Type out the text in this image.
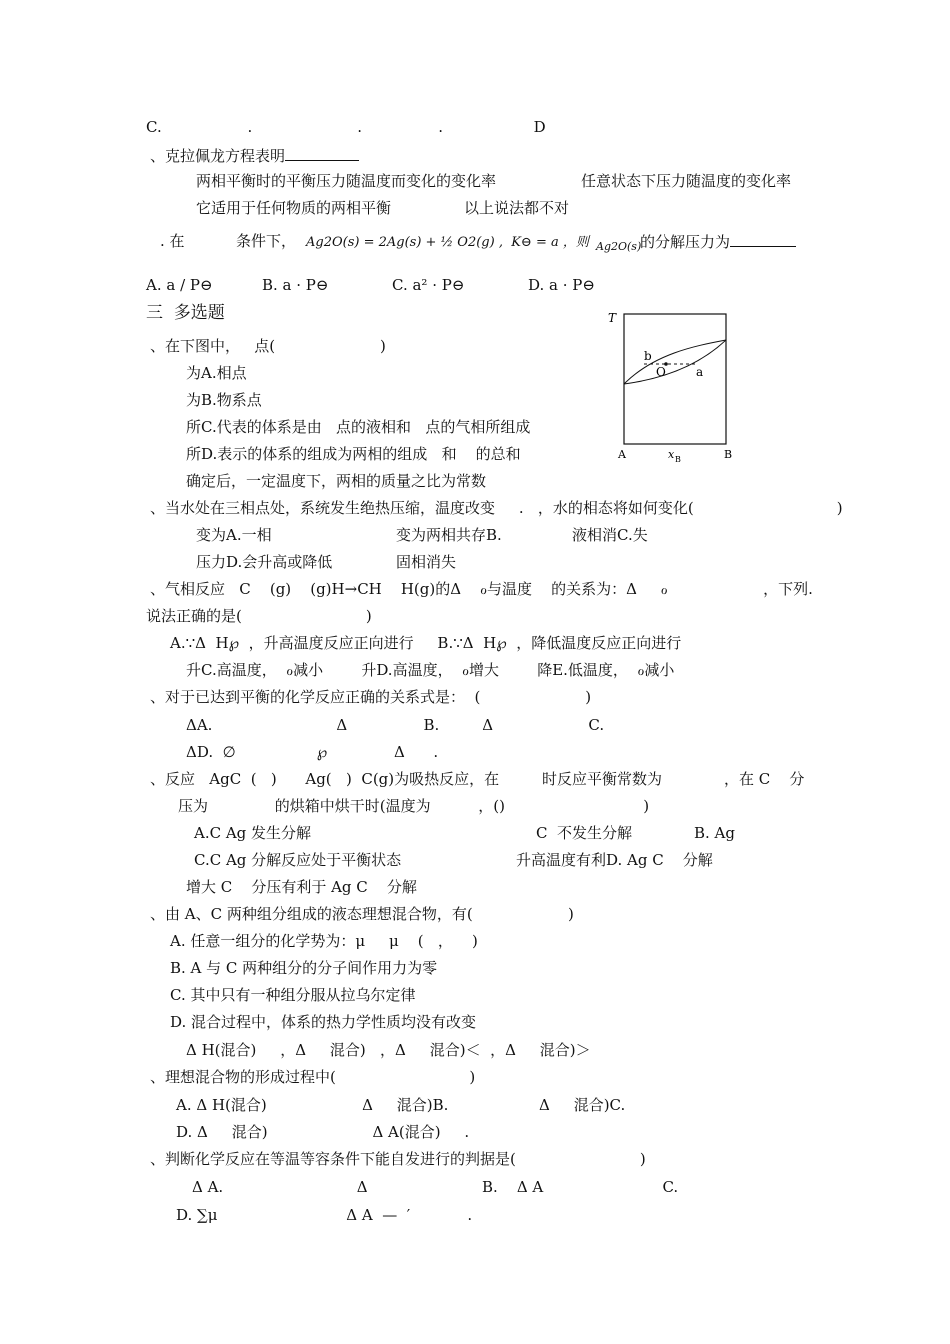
C.                  .                      .                .                   D
、克拉佩龙方程表明
两相平衡时的平衡压力随温度而变化的变化率	任意状态下压力随温度的变化率
它适用于任何物质的两相平衡	以上说法都不对
. 在	条件下， Ag2O(s) = 2Ag(s) + ½ O2(g) ,  K⊖ = a ，则 Ag2O(s)
的分解压力为
A. a / P⊖	B. a · P⊖	C. a² · P⊖	D. a · P⊖
三  多选题
、在下图中，   点(                      )
为A.相点
为B.物系点
所C.代表的体系是由   点的液相和   点的气相所组成
所D.表示的体系的组成为两相的组成   和    的总和
确定后，一定温度下，两相的质量之比为常数
T
b
O	a
A	x B	B
、当水处在三相点处，系统发生绝热压缩，温度改变     .   ，水的相态将如何变化(                              )
变为A.一相	变为两相共存B.	液相消C.失
压力D.会升高或降低	固相消失
、气相反应   C    (g)    (g)H→CH    H(g)的Δ    ℴ与温度    的关系为：Δ     ℴ                    ，下列.
说法正确的是(                          )
A.∵Δ  H℘  ，升高温度反应正向进行     B.∵Δ  H℘  ，降低温度反应正向进行
升C.高温度，  ℴ减小        升D.高温度，  ℴ增大        降E.低温度，  ℴ减小
、对于已达到平衡的化学反应正确的关系式是：  (                      )
ΔA.                          Δ                B.         Δ                    C.
ΔD.  ∅                 ℘              Δ      .
、反应   AgC  (   )      Ag(   )  C(g)为吸热反应，在         时反应平衡常数为             ，在 C    分
压为              的烘箱中烘干时(温度为          ，()                             )
A.C Ag 发生分解	C  不发生分解             B. Ag
C.C Ag 分解反应处于平衡状态	升高温度有利D. Ag C    分解
增大 C    分压有利于 Ag C    分解
、由 A、C 两种组分组成的液态理想混合物，有(                    )
A. 任意一组分的化学势为：μ     μ    (   ，    )
B. A 与 C 两种组分的分子间作用力为零
C. 其中只有一种组分服从拉乌尔定律
D. 混合过程中，体系的热力学性质均没有改变
Δ H(混合)     ，Δ     混合)   ，Δ     混合)＜  ，Δ     混合)＞
、理想混合物的形成过程中(                            )
A. Δ H(混合)                    Δ     混合)B.                   Δ     混合)C.
D. Δ     混合)                      Δ A(混合)     .
、判断化学反应在等温等容条件下能自发进行的判据是(                          )
Δ A.                            Δ                        B.    Δ A                         C.
D. ∑μ                           Δ A  —  ′            .
